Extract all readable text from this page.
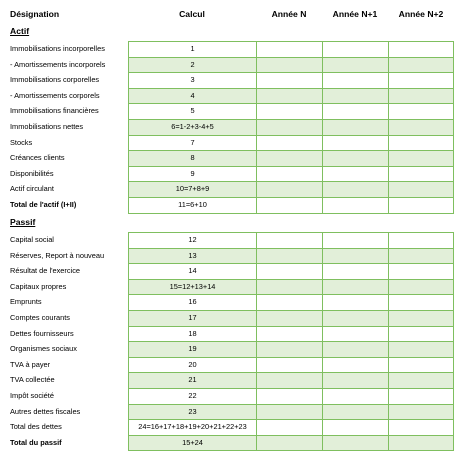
Désignation	Calcul	Année N	Année N+1	Année N+2
Actif
Immobilisations incorporelles	1
- Amortissements incorporels	2
Immobilisations corporelles	3
- Amortissements corporels	4
Immobilisations financières	5
Immobilisations nettes	6=1-2+3-4+5
Stocks	7
Créances clients	8
Disponibilités	9
Actif circulant	10=7+8+9
Total de l'actif (I+II)	11=6+10
Passif
Capital social	12
Réserves, Report à nouveau	13
Résultat de l'exercice	14
Capitaux propres	15=12+13+14
Emprunts	16
Comptes courants	17
Dettes fournisseurs	18
Organismes sociaux	19
TVA à payer	20
TVA collectée	21
Impôt société	22
Autres dettes fiscales	23
Total des dettes	24=16+17+18+19+20+21+22+23
Total du passif	15+24
